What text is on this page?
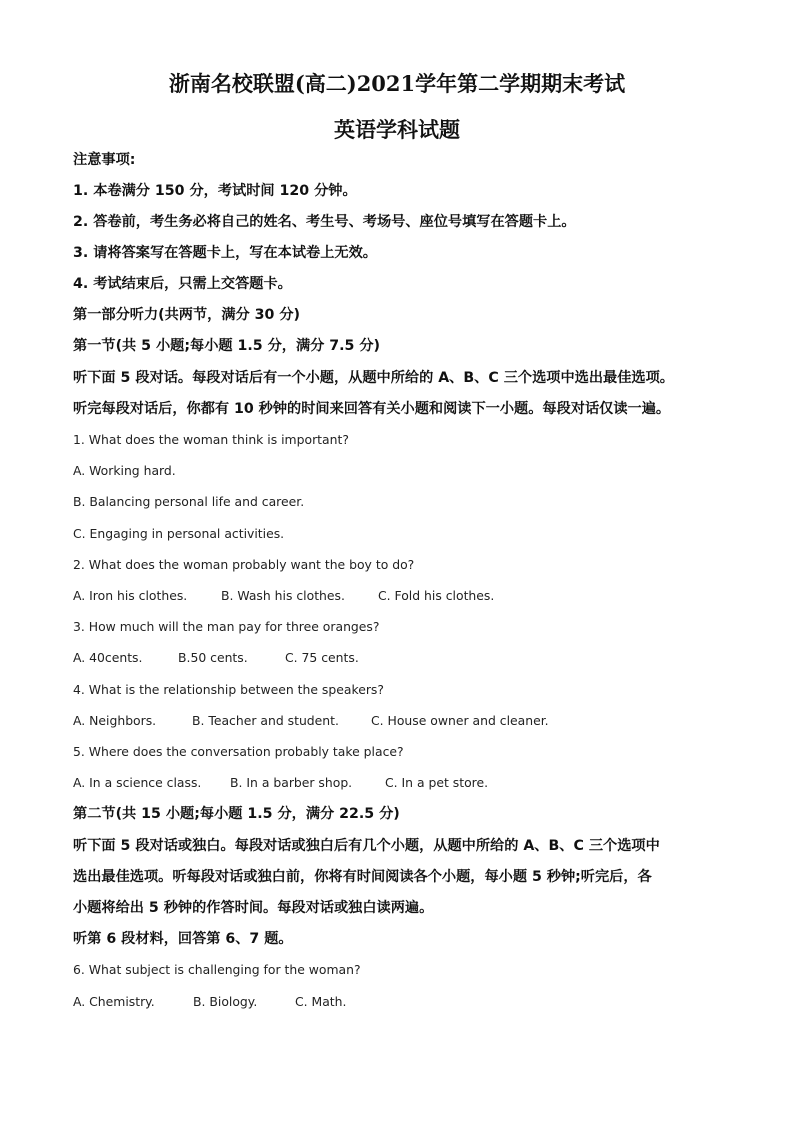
浙南名校联盟(高二)2021学年第二学期期末考试
英语学科试题
注意事项:
1. 本卷满分 150 分，考试时间 120 分钟。
2. 答卷前，考生务必将自己的姓名、考生号、考场号、座位号填写在答题卡上。
3. 请将答案写在答题卡上，写在本试卷上无效。
4. 考试结束后，只需上交答题卡。
第一部分听力(共两节，满分 30 分)
第一节(共 5 小题;每小题 1.5 分，满分 7.5 分)
听下面 5 段对话。每段对话后有一个小题，从题中所给的 A、B、C 三个选项中选出最佳选项。
听完每段对话后，你都有 10 秒钟的时间来回答有关小题和阅读下一小题。每段对话仅读一遍。
1. What does the woman think is important?
A. Working hard.
B. Balancing personal life and career.
C. Engaging in personal activities.
2. What does the woman probably want the boy to do?
A. Iron his clothes.	B. Wash his clothes.	C. Fold his clothes.
3. How much will the man pay for three oranges?
A. 40cents.	B.50 cents.	C. 75 cents.
4. What is the relationship between the speakers?
A. Neighbors.	B. Teacher and student.	C. House owner and cleaner.
5. Where does the conversation probably take place?
A. In a science class. B. In a barber shop.	C. In a pet store.
第二节(共 15 小题;每小题 1.5 分，满分 22.5 分)
听下面 5 段对话或独白。每段对话或独白后有几个小题，从题中所给的 A、B、C 三个选项中
选出最佳选项。听每段对话或独白前，你将有时间阅读各个小题，每小题 5 秒钟;听完后，各
小题将给出 5 秒钟的作答时间。每段对话或独白读两遍。
听第 6 段材料，回答第 6、7 题。
6. What subject is challenging for the woman?
A. Chemistry.	B. Biology.	C. Math.
